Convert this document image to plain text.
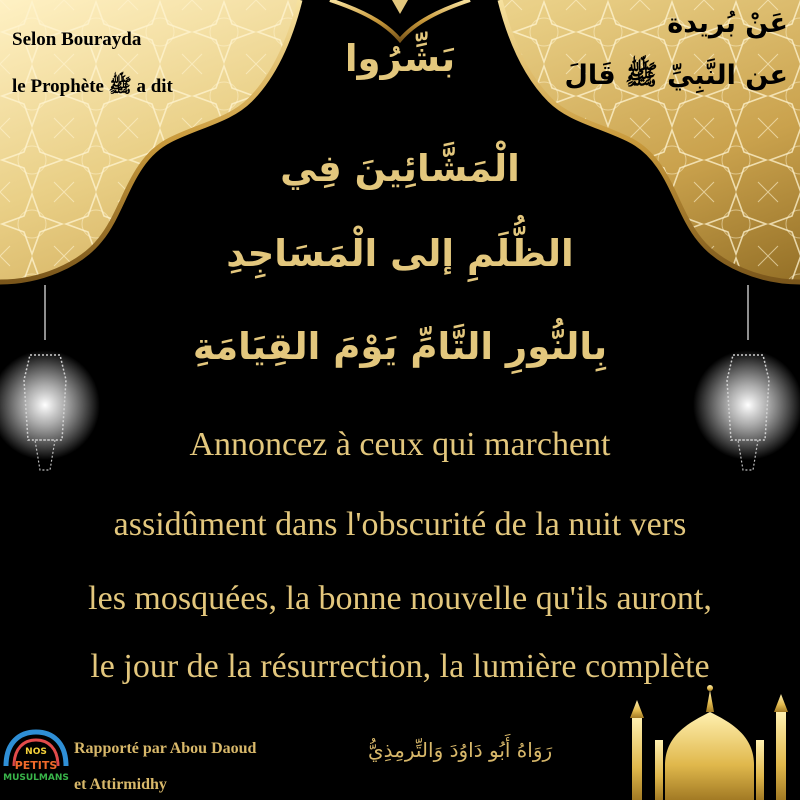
Selon Bourayda
le Prophète ﷺ a dit
عَنْ بُريدة
عن النَّبِيِّ ﷺ قَالَ
بَشِّرُوا
الْمَشَّائِينَ فِي
الظُّلَمِ إلى الْمَسَاجِدِ
بِالنُّورِ التَّامِّ يَوْمَ القِيَامَةِ
Annoncez à ceux qui marchent
assidûment dans l'obscurité de la nuit vers
les mosquées, la bonne nouvelle qu'ils auront,
le jour de la résurrection, la lumière complète
Rapporté par Abou Daoud
et Attirmidhy
رَوَاهُ أَبُو دَاوُدَ وَالتِّرمِذِيُّ
NOS
PETITS
MUSULMANS
